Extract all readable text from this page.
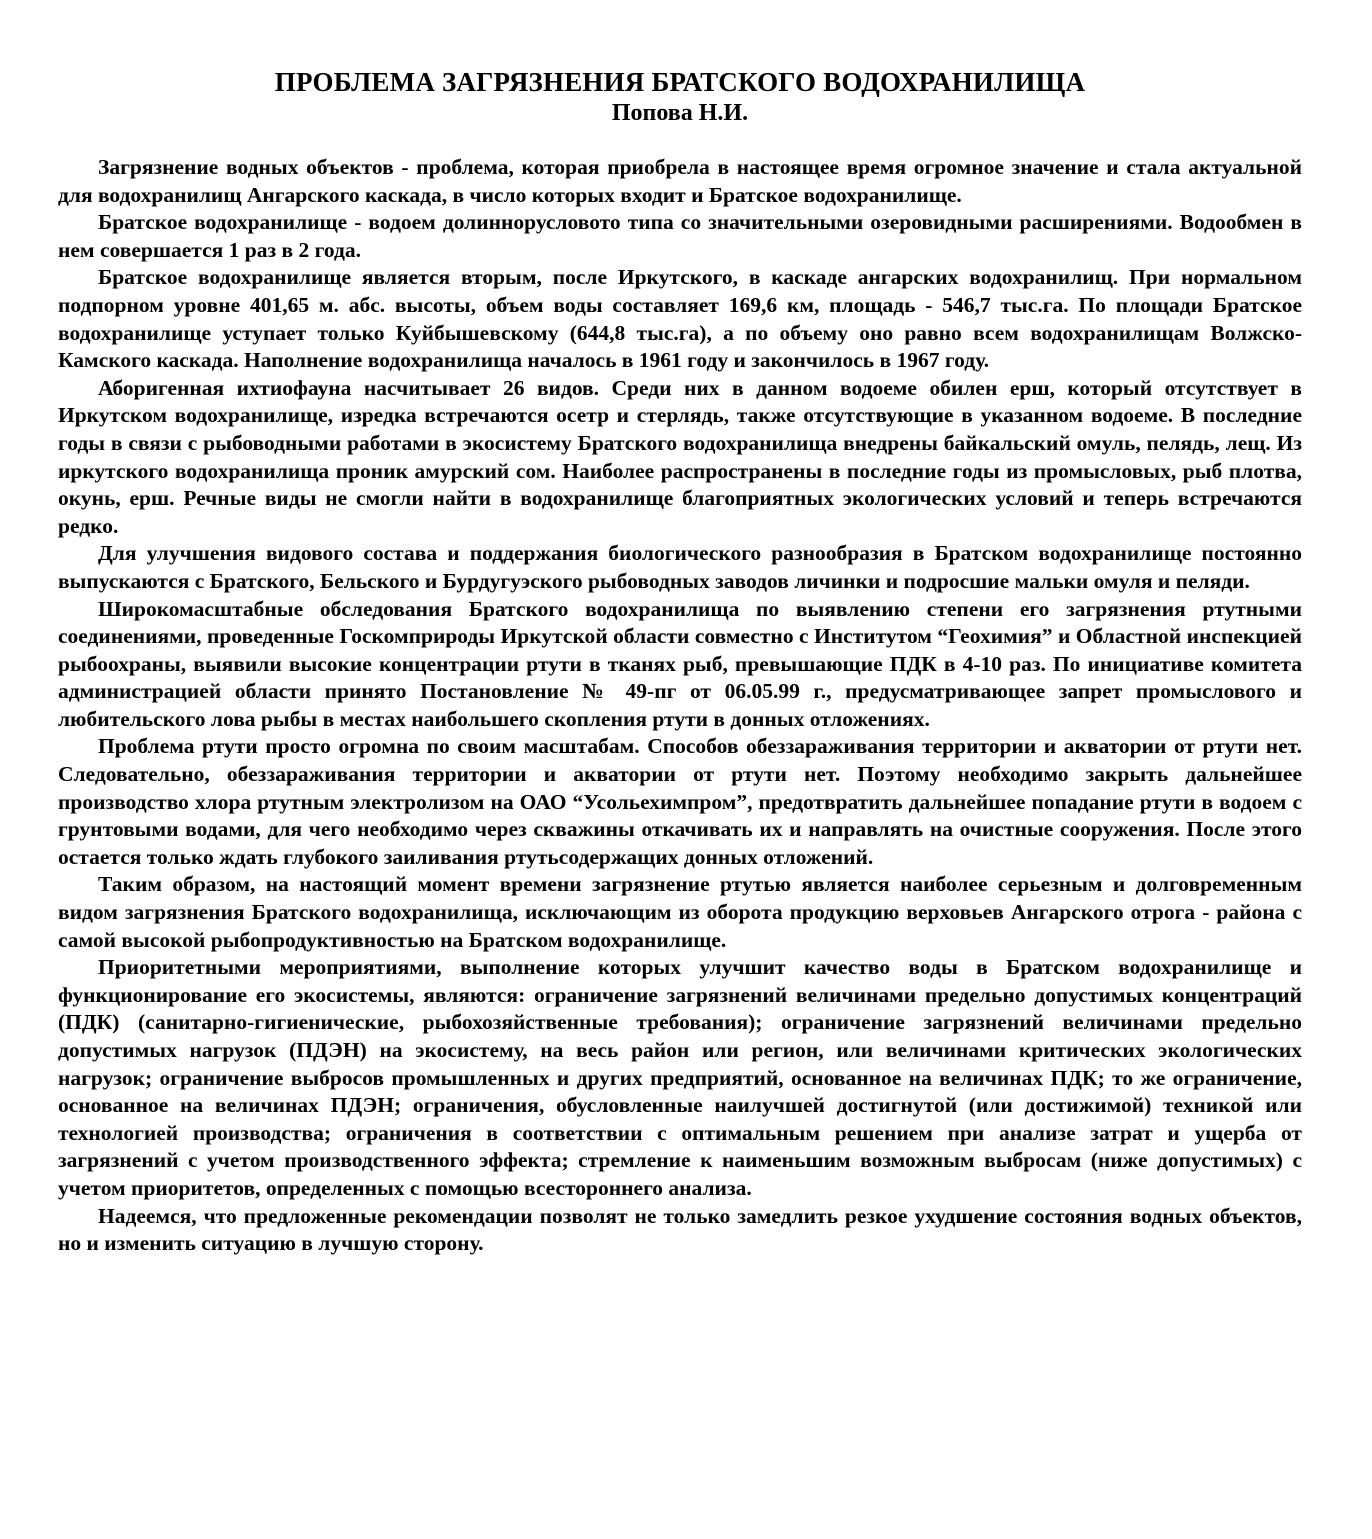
ПРОБЛЕМА ЗАГРЯЗНЕНИЯ БРАТСКОГО ВОДОХРАНИЛИЩА
Попова Н.И.

Загрязнение водных объектов - проблема, которая приобрела в настоящее время огромное значение и стала актуальной для водохранилищ Ангарского каскада, в число которых входит и Братское водохранилище.

Братское водохранилище - водоем долиннорусловото типа со значительными озеровидными расширениями. Водообмен в нем совершается 1 раз в 2 года.

Братское водохранилище является вторым, после Иркутского, в каскаде ангарских водохранилищ. При нормальном подпорном уровне 401,65 м. абс. высоты, объем воды составляет 169,6 км, площадь - 546,7 тыс.га. По площади Братское водохранилище уступает только Куйбышевскому (644,8 тыс.га), а по объему оно равно всем водохранилищам Волжско-Камского каскада. Наполнение водохранилища началось в 1961 году и закончилось в 1967 году.

Аборигенная ихтиофауна насчитывает 26 видов. Среди них в данном водоеме обилен ерш, который отсутствует в Иркутском водохранилище, изредка встречаются осетр и стерлядь, также отсутствующие в указанном водоеме. В последние годы в связи с рыбоводными работами в экосистему Братского водохранилища внедрены байкальский омуль, пелядь, лещ. Из иркутского водохранилища проник амурский сом. Наиболее распространены в последние годы из промысловых, рыб плотва, окунь, ерш. Речные виды не смогли найти в водохранилище благоприятных экологических условий и теперь встречаются редко.

Для улучшения видового состава и поддержания биологического разнообразия в Братском водохранилище постоянно выпускаются с Братского, Бельского и Бурдугуэского рыбоводных заводов личинки и подросшие мальки омуля и пеляди.

Широкомасштабные обследования Братского водохранилища по выявлению степени его загрязнения ртутными соединениями, проведенные Госкомприроды Иркутской области совместно с Институтом “Геохимия” и Областной инспекцией рыбоохраны, выявили высокие концентрации ртути в тканях рыб, превышающие ПДК в 4-10 раз. По инициативе комитета администрацией области принято Постановление № 49-пг от 06.05.99 г., предусматривающее запрет промыслового и любительского лова рыбы в местах наибольшего скопления ртути в донных отложениях.

Проблема ртути просто огромна по своим масштабам. Способов обеззараживания территории и акватории от ртути нет. Следовательно, обеззараживания территории и акватории от ртути нет. Поэтому необходимо закрыть дальнейшее производство хлора ртутным электролизом на ОАО “Усольехимпром”, предотвратить дальнейшее попадание ртути в водоем с грунтовыми водами, для чего необходимо через скважины откачивать их и направлять на очистные сооружения. После этого остается только ждать глубокого заиливания ртутьсодержащих донных отложений.

Таким образом, на настоящий момент времени загрязнение ртутью является наиболее серьезным и долговременным видом загрязнения Братского водохранилища, исключающим из оборота продукцию верховьев Ангарского отрога - района с самой высокой рыбопродуктивностью на Братском водохранилище.

Приоритетными мероприятиями, выполнение которых улучшит качество воды в Братском водохранилище и функционирование его экосистемы, являются: ограничение загрязнений величинами предельно допустимых концентраций (ПДК) (санитарно-гигиенические, рыбохозяйственные требования); ограничение загрязнений величинами предельно допустимых нагрузок (ПДЭН) на экосистему, на весь район или регион, или величинами критических экологических нагрузок; ограничение выбросов промышленных и других предприятий, основанное на величинах ПДК; то же ограничение, основанное на величинах ПДЭН; ограничения, обусловленные наилучшей достигнутой (или достижимой) техникой или технологией производства; ограничения в соответствии с оптимальным решением при анализе затрат и ущерба от загрязнений с учетом производственного эффекта; стремление к наименьшим возможным выбросам (ниже допустимых) с учетом приоритетов, определенных с помощью всестороннего анализа.

Надеемся, что предложенные рекомендации позволят не только замедлить резкое ухудшение состояния водных объектов, но и изменить ситуацию в лучшую сторону.
